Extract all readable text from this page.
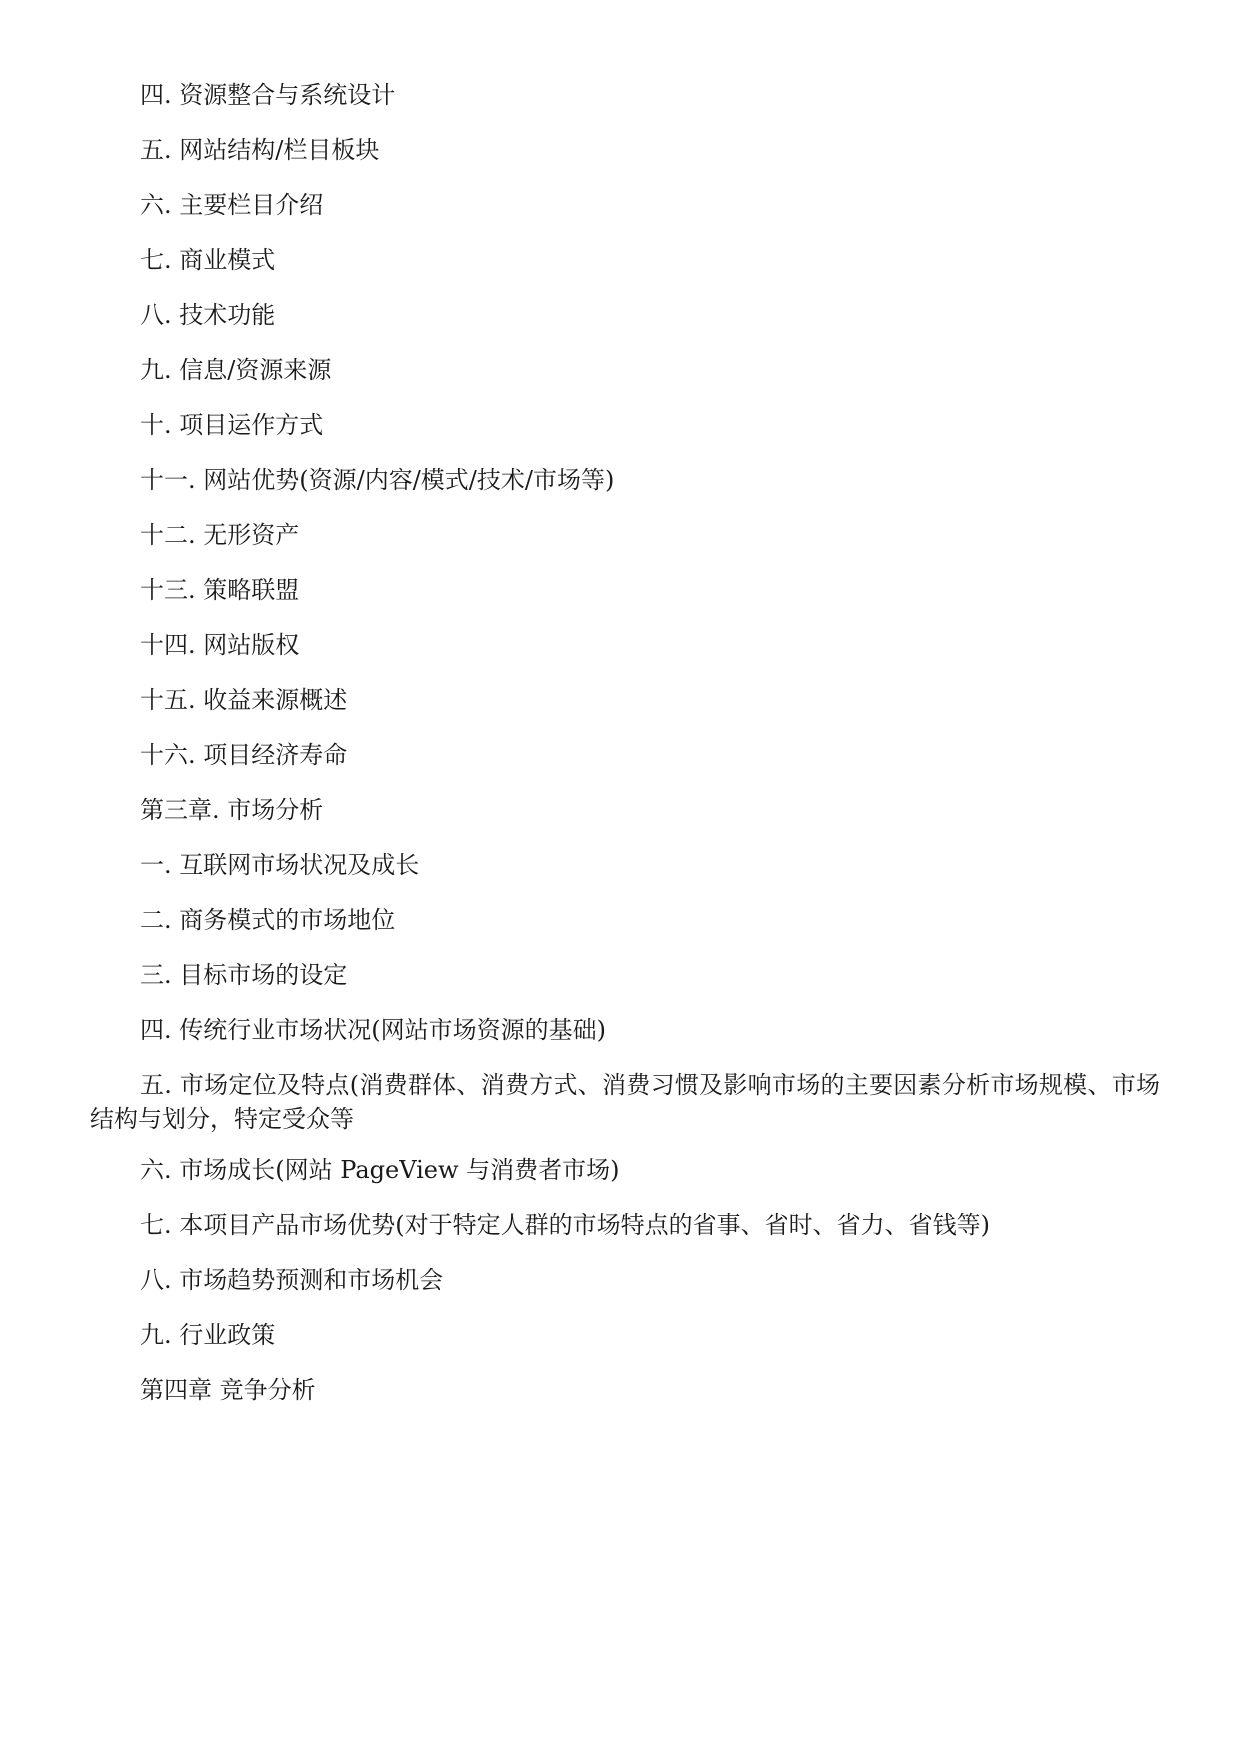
四. 资源整合与系统设计

五. 网站结构/栏目板块

六. 主要栏目介绍

七. 商业模式

八. 技术功能

九. 信息/资源来源

十. 项目运作方式

十一. 网站优势(资源/内容/模式/技术/市场等)

十二. 无形资产

十三. 策略联盟

十四. 网站版权

十五. 收益来源概述

十六. 项目经济寿命

第三章. 市场分析

一. 互联网市场状况及成长

二. 商务模式的市场地位

三. 目标市场的设定

四. 传统行业市场状况(网站市场资源的基础)

五. 市场定位及特点(消费群体、消费方式、消费习惯及影响市场的主要因素分析市场规模、市场结构与划分，特定受众等

六. 市场成长(网站 PageView 与消费者市场)

七. 本项目产品市场优势(对于特定人群的市场特点的省事、省时、省力、省钱等)

八. 市场趋势预测和市场机会

九. 行业政策

第四章 竞争分析
